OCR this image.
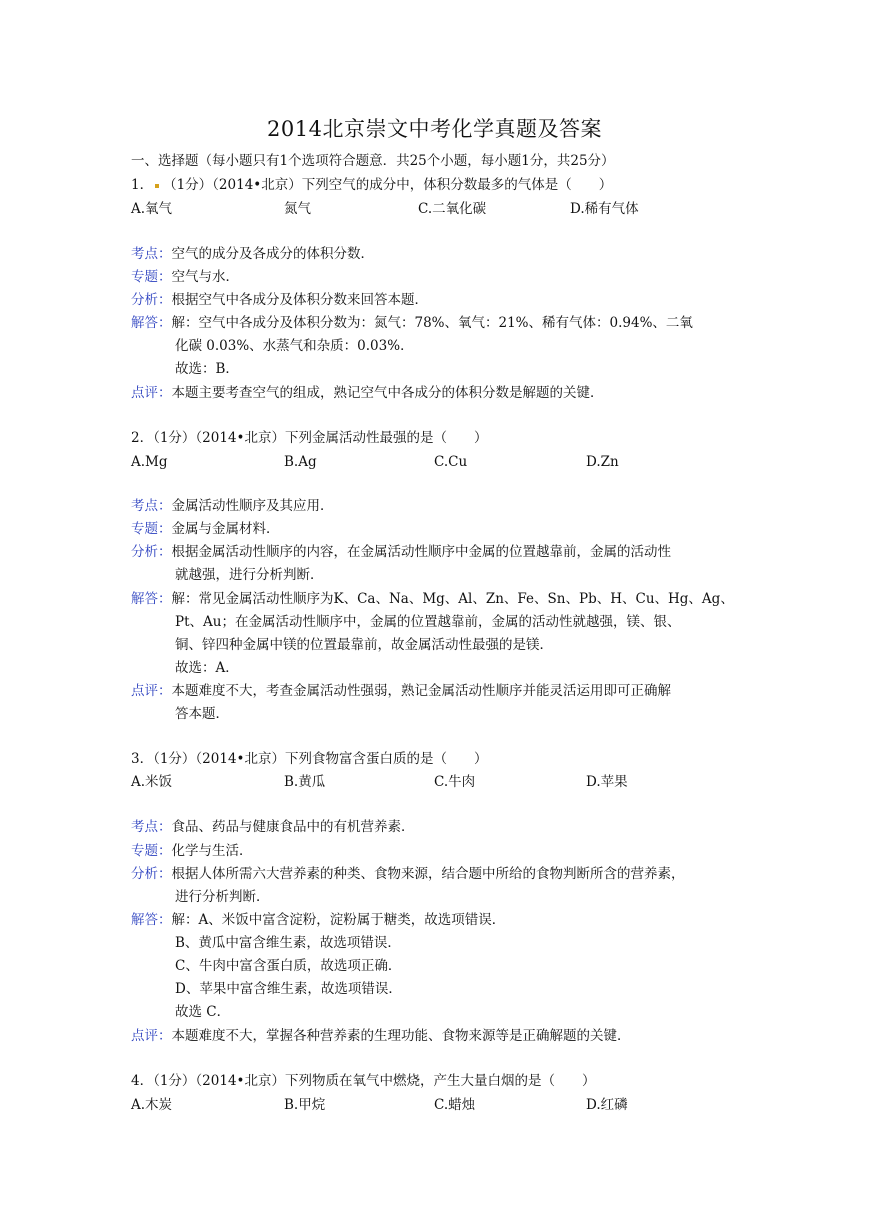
2014北京崇文中考化学真题及答案
一、选择题（每小题只有1个选项符合题意．共25个小题，每小题1分，共25分）
1． （1分）（2014•北京）下列空气的成分中，体积分数最多的气体是（　　）
A.氧气	氮气	C.二氧化碳	D.稀有气体
考点：空气的成分及各成分的体积分数．
专题：空气与水．
分析：根据空气中各成分及体积分数来回答本题．
解答：解：空气中各成分及体积分数为：氮气：78%、氧气：21%、稀有气体：0.94%、二氧
化碳 0.03%、水蒸气和杂质：0.03%．
故选：B．
点评：本题主要考查空气的组成，熟记空气中各成分的体积分数是解题的关键．
2．（1分）（2014•北京）下列金属活动性最强的是（　　）
A.Mg	B.Ag	C.Cu	D.Zn
考点：金属活动性顺序及其应用．
专题：金属与金属材料．
分析：根据金属活动性顺序的内容，在金属活动性顺序中金属的位置越靠前，金属的活动性
就越强，进行分析判断．
解答：解：常见金属活动性顺序为K、Ca、Na、Mg、Al、Zn、Fe、Sn、Pb、H、Cu、Hg、Ag、
Pt、Au；在金属活动性顺序中，金属的位置越靠前，金属的活动性就越强，镁、银、
铜、锌四种金属中镁的位置最靠前，故金属活动性最强的是镁．
故选：A．
点评：本题难度不大，考查金属活动性强弱，熟记金属活动性顺序并能灵活运用即可正确解
答本题．
3．（1分）（2014•北京）下列食物富含蛋白质的是（　　）
A.米饭	B.黄瓜	C.牛肉	D.苹果
考点：食品、药品与健康食品中的有机营养素．
专题：化学与生活．
分析：根据人体所需六大营养素的种类、食物来源，结合题中所给的食物判断所含的营养素，
进行分析判断．
解答：解：A、米饭中富含淀粉，淀粉属于糖类，故选项错误．
B、黄瓜中富含维生素，故选项错误．
C、牛肉中富含蛋白质，故选项正确．
D、苹果中富含维生素，故选项错误．
故选 C．
点评：本题难度不大，掌握各种营养素的生理功能、食物来源等是正确解题的关键．
4．（1分）（2014•北京）下列物质在氧气中燃烧，产生大量白烟的是（　　）
A.木炭	B.甲烷	C.蜡烛	D.红磷
